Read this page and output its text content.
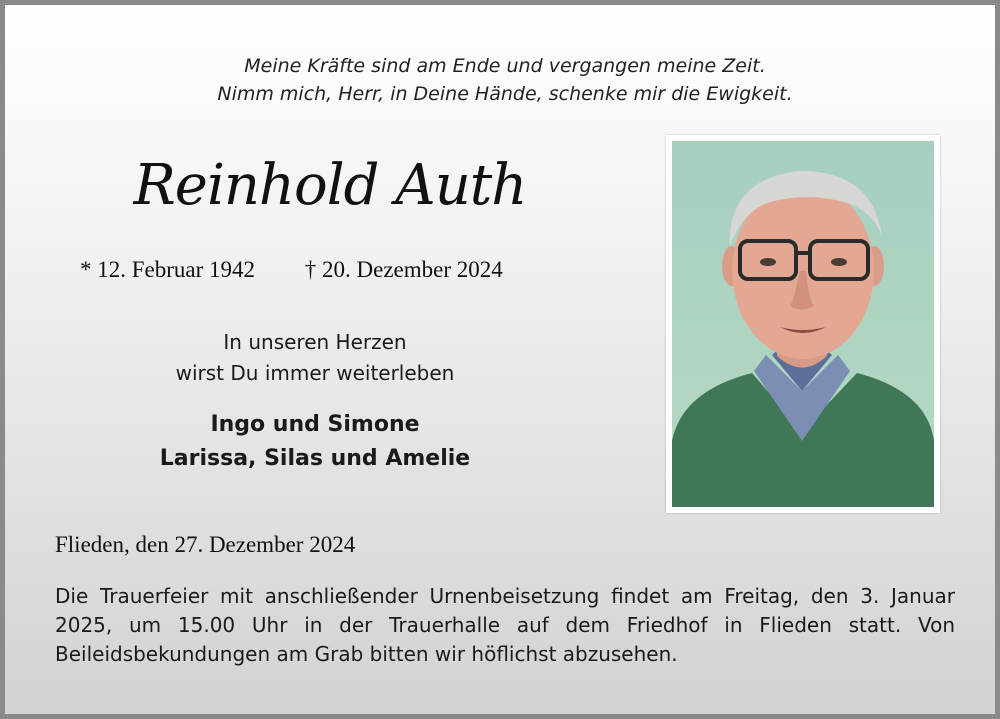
Meine Kräfte sind am Ende und vergangen meine Zeit.
Nimm mich, Herr, in Deine Hände, schenke mir die Ewigkeit.
Reinhold Auth
* 12. Februar 1942 † 20. Dezember 2024
In unseren Herzen
wirst Du immer weiterleben
Ingo und Simone
Larissa, Silas und Amelie
Flieden, den 27. Dezember 2024
Die Trauerfeier mit anschließender Urnenbeisetzung findet am Freitag, den 3. Januar 2025, um 15.00 Uhr in der Trauerhalle auf dem Friedhof in Flieden statt. Von Beileidsbekundungen am Grab bitten wir höflichst abzusehen.
